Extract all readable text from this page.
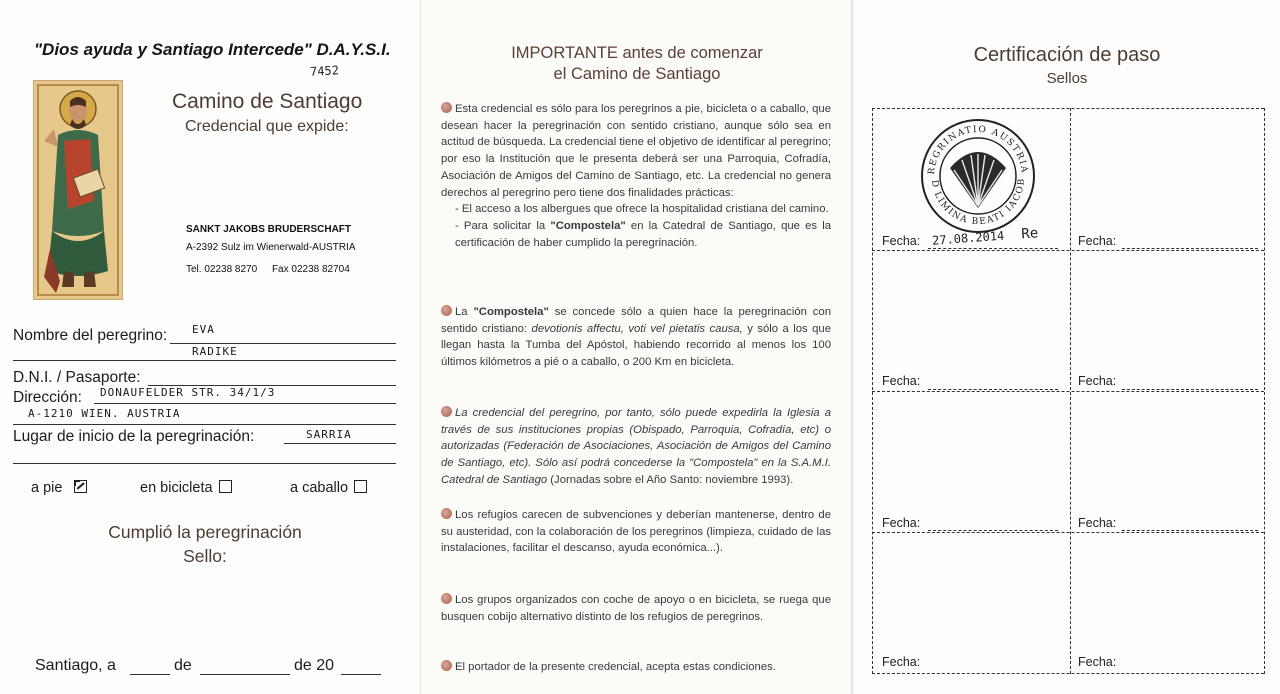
"Dios ayuda y Santiago Intercede" D.A.Y.S.I.
7452
Camino de Santiago
Credencial que expide:
SANKT JAKOBS BRUDERSCHAFT
A-2392 Sulz im Wienerwald-AUSTRIA
Tel. 02238 8270 Fax 02238 82704
Nombre del peregrino: EVA
RADIKE
D.N.I. / Pasaporte:
Dirección: DONAUFELDER STR. 34/1/3
A-1210 WIEN. AUSTRIA
Lugar de inicio de la peregrinación:	SARRIA
a pie	en bicicleta	a caballo
Cumplió la peregrinación
Sello:
Santiago, a	de	de 20
IMPORTANTE antes de comenzar
el Camino de Santiago

Esta credencial es sólo para los peregrinos a pie, bicicleta o a caballo, que desean hacer la peregrinación con sentido cristiano, aunque sólo sea en actitud de búsqueda. La credencial tiene el objetivo de identificar al peregrino; por eso la Institución que le presenta deberá ser una Parroquia, Cofradía, Asociación de Amigos del Camino de Santiago, etc. La credencial no genera derechos al peregrino pero tiene dos finalidades prácticas:

- El acceso a los albergues que ofrece la hospitalidad cristiana del camino.

- Para solicitar la "Compostela" en la Catedral de Santiago, que es la certificación de haber cumplido la peregrinación.

La "Compostela" se concede sólo a quien hace la peregrinación con sentido cristiano: devotionis affectu, voti vel pietatis causa, y sólo a los que llegan hasta la Tumba del Apóstol, habiendo recorrido al menos los 100 últimos kilómetros a pié o a caballo, o 200 Km en bicicleta.

La credencial del peregrino, por tanto, sólo puede expedirla la Iglesia a través de sus instituciones propias (Obispado, Parroquia, Cofradía, etc) o autorizadas (Federación de Asociaciones, Asociación de Amigos del Camino de Santiago, etc). Sólo así podrá concederse la "Compostela" en la S.A.M.I. Catedral de Santiago (Jornadas sobre el Año Santo: noviembre 1993).

Los refugios carecen de subvenciones y deberían mantenerse, dentro de su austeridad, con la colaboración de los peregrinos (limpieza, cuidado de las instalaciones, facilitar el descanso, ayuda económica...).

Los grupos organizados con coche de apoyo o en bicicleta, se ruega que busquen cobijo alternativo distinto de los refugios de peregrinos.

El portador de la presente credencial, acepta estas condiciones.

Certificación de paso
Sellos
REGRINATIO AUSTRIA
D LIMINA BEATI IACOB
Fecha: 27.08.2014 Re	Fecha:
Fecha:	Fecha:
Fecha:	Fecha:
Fecha:	Fecha:
